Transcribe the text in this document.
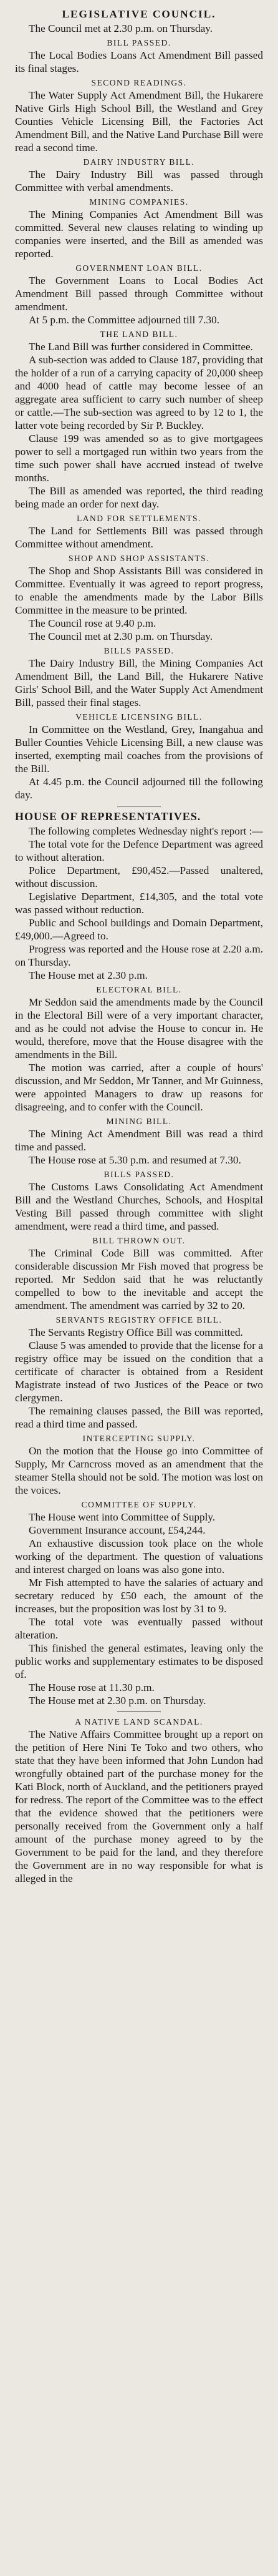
LEGISLATIVE COUNCIL.

The Council met at 2.30 p.m. on Thursday.

BILL PASSED.

The Local Bodies Loans Act Amendment Bill passed its final stages.

SECOND READINGS.

The Water Supply Act Amendment Bill, the Hukarere Native Girls High School Bill, the Westland and Grey Counties Vehicle Licensing Bill, the Factories Act Amendment Bill, and the Native Land Purchase Bill were read a second time.

DAIRY INDUSTRY BILL.

The Dairy Industry Bill was passed through Committee with verbal amendments.

MINING COMPANIES.

The Mining Companies Act Amendment Bill was committed. Several new clauses relating to winding up companies were inserted, and the Bill as amended was reported.

GOVERNMENT LOAN BILL.

The Government Loans to Local Bodies Act Amendment Bill passed through Committee without amendment.

At 5 p.m. the Committee adjourned till 7.30.

THE LAND BILL.

The Land Bill was further considered in Committee.

A sub-section was added to Clause 187, providing that the holder of a run of a carrying capacity of 20,000 sheep and 4000 head of cattle may become lessee of an aggregate area sufficient to carry such number of sheep or cattle.—The sub-section was agreed to by 12 to 1, the latter vote being recorded by Sir P. Buckley.

Clause 199 was amended so as to give mortgagees power to sell a mortgaged run within two years from the time such power shall have accrued instead of twelve months.

The Bill as amended was reported, the third reading being made an order for next day.

LAND FOR SETTLEMENTS.

The Land for Settlements Bill was passed through Committee without amendment.

SHOP AND SHOP ASSISTANTS.

The Shop and Shop Assistants Bill was considered in Committee. Eventually it was agreed to report progress, to enable the amendments made by the Labor Bills Committee in the measure to be printed.

The Council rose at 9.40 p.m.

The Council met at 2.30 p.m. on Thursday.

BILLS PASSED.

The Dairy Industry Bill, the Mining Companies Act Amendment Bill, the Land Bill, the Hukarere Native Girls' School Bill, and the Water Supply Act Amendment Bill, passed their final stages.

VEHICLE LICENSING BILL.

In Committee on the Westland, Grey, Inangahua and Buller Counties Vehicle Licensing Bill, a new clause was inserted, exempting mail coaches from the provisions of the Bill.

At 4.45 p.m. the Council adjourned till the following day.

HOUSE OF REPRESENTATIVES.

The following completes Wednesday night's report :—

The total vote for the Defence Department was agreed to without alteration.

Police Department, £90,452.—Passed unaltered, without discussion.

Legislative Department, £14,305, and the total vote was passed without reduction.

Public and School buildings and Domain Department, £49,000.—Agreed to.

Progress was reported and the House rose at 2.20 a.m. on Thursday.

The House met at 2.30 p.m.

ELECTORAL BILL.

Mr Seddon said the amendments made by the Council in the Electoral Bill were of a very important character, and as he could not advise the House to concur in. He would, therefore, move that the House disagree with the amendments in the Bill.

The motion was carried, after a couple of hours' discussion, and Mr Seddon, Mr Tanner, and Mr Guinness, were appointed Managers to draw up reasons for disagreeing, and to confer with the Council.

MINING BILL.

The Mining Act Amendment Bill was read a third time and passed.

The House rose at 5.30 p.m. and resumed at 7.30.

BILLS PASSED.

The Customs Laws Consolidating Act Amendment Bill and the Westland Churches, Schools, and Hospital Vesting Bill passed through committee with slight amendment, were read a third time, and passed.

BILL THROWN OUT.

The Criminal Code Bill was committed. After considerable discussion Mr Fish moved that progress be reported. Mr Seddon said that he was reluctantly compelled to bow to the inevitable and accept the amendment. The amendment was carried by 32 to 20.

SERVANTS REGISTRY OFFICE BILL.

The Servants Registry Office Bill was committed.

Clause 5 was amended to provide that the license for a registry office may be issued on the condition that a certificate of character is obtained from a Resident Magistrate instead of two Justices of the Peace or two clergymen.

The remaining clauses passed, the Bill was reported, read a third time and passed.

INTERCEPTING SUPPLY.

On the motion that the House go into Committee of Supply, Mr Carncross moved as an amendment that the steamer Stella should not be sold. The motion was lost on the voices.

COMMITTEE OF SUPPLY.

The House went into Committee of Supply.

Government Insurance account, £54,244.

An exhaustive discussion took place on the whole working of the department. The question of valuations and interest charged on loans was also gone into.

Mr Fish attempted to have the salaries of actuary and secretary reduced by £50 each, the amount of the increases, but the proposition was lost by 31 to 9.

The total vote was eventually passed without alteration.

This finished the general estimates, leaving only the public works and supplementary estimates to be disposed of.

The House rose at 11.30 p.m.

The House met at 2.30 p.m. on Thursday.

A NATIVE LAND SCANDAL.

The Native Affairs Committee brought up a report on the petition of Here Nini Te Toko and two others, who state that they have been informed that John Lundon had wrongfully obtained part of the purchase money for the Kati Block, north of Auckland, and the petitioners prayed for redress. The report of the Committee was to the effect that the evidence showed that the petitioners were personally received from the Government only a half amount of the purchase money agreed to by the Government to be paid for the land, and they therefore the Government are in no way responsible for what is alleged in the
